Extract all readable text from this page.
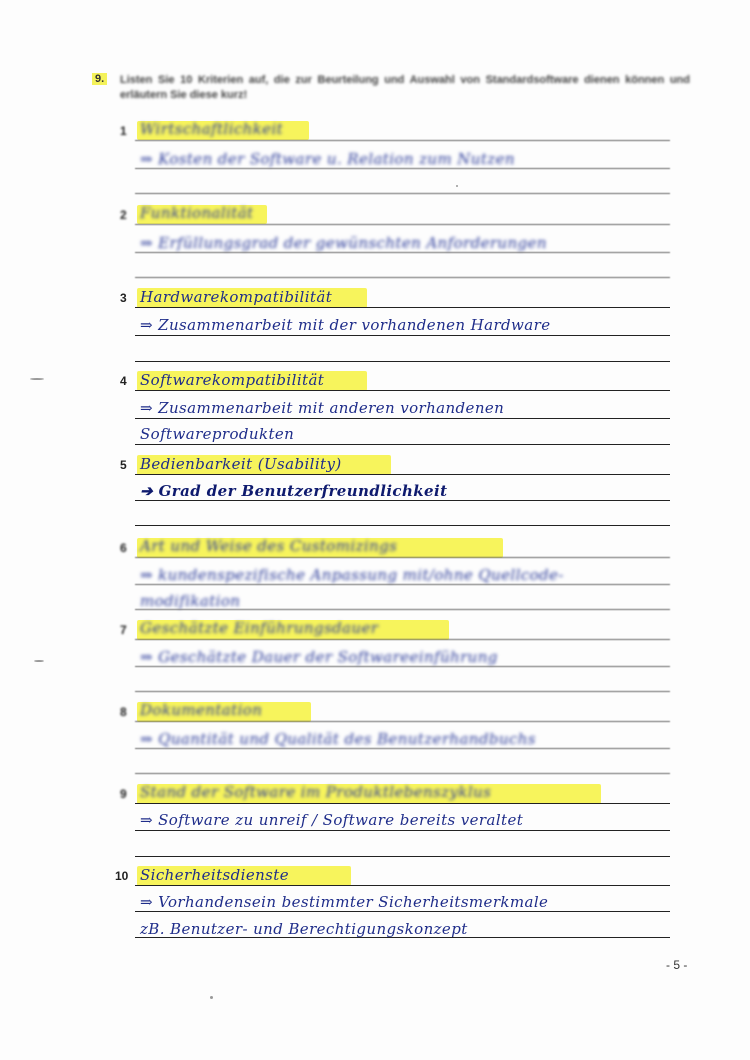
9. Listen Sie 10 Kriterien auf, die zur Beurteilung und Auswahl von Standardsoftware dienen können und erläutern Sie diese kurz!
1 Wirtschaftlichkeit
⇒ Kosten der Software u. Relation zum Nutzen
2 Funktionalität
⇒ Erfüllungsgrad der gewünschten Anforderungen
3 Hardwarekompatibilität
⇒ Zusammenarbeit mit der vorhandenen Hardware
4 Softwarekompatibilität
⇒ Zusammenarbeit mit anderen vorhandenen
Softwareprodukten
5 Bedienbarkeit (Usability)
➔ Grad der Benutzerfreundlichkeit
6 Art und Weise des Customizings
⇒ kundenspezifische Anpassung mit/ohne Quellcode-
modifikation
7 Geschätzte Einführungsdauer
⇒ Geschätzte Dauer der Softwareeinführung
8 Dokumentation
⇒ Quantität und Qualität des Benutzerhandbuchs
9 Stand der Software im Produktlebenszyklus
⇒ Software zu unreif / Software bereits veraltet
10 Sicherheitsdienste
⇒ Vorhandensein bestimmter Sicherheitsmerkmale
zB. Benutzer- und Berechtigungskonzept
- 5 -
